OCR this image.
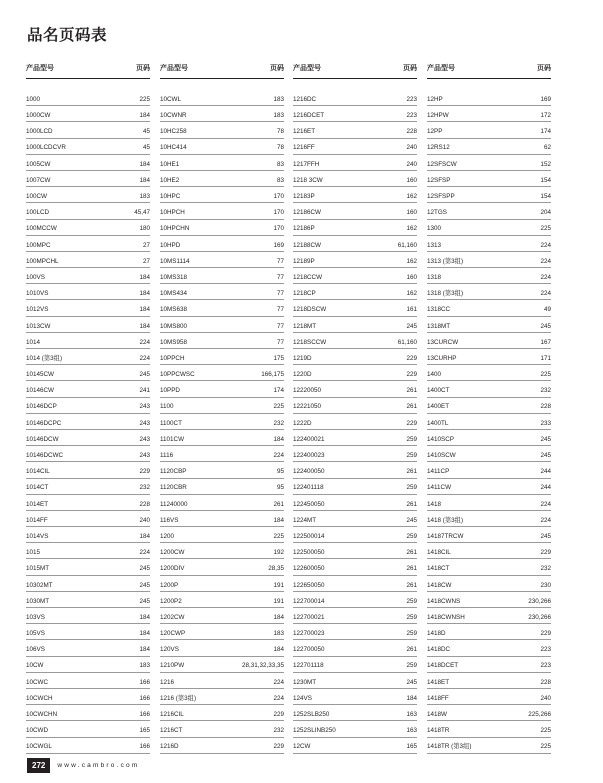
品名页码表
产品型号	页码
1000	225
1000CW	184
1000LCD	45
1000LCDCVR	45
1005CW	184
1007CW	184
100CW	183
100LCD	45,47
100MCCW	180
100MPC	27
100MPCHL	27
100VS	184
1010VS	184
1012VS	184
1013CW	184
1014	224
1014 (第3组)	224
10145CW	245
10146CW	241
10146DCP	243
10146DCPC	243
10146DCW	243
10146DCWC	243
1014CIL	229
1014CT	232
1014ET	228
1014FF	240
1014VS	184
1015	224
1015MT	245
10302MT	245
1030MT	245
103VS	184
105VS	184
106VS	184
10CW	183
10CWC	166
10CWCH	166
10CWCHN	166
10CWD	165
10CWGL	166
产品型号	页码
10CWL	183
10CWNR	183
10HC258	78
10HC414	78
10HE1	83
10HE2	83
10HPC	170
10HPCH	170
10HPCHN	170
10HPD	169
10MS1114	77
10MS318	77
10MS434	77
10MS638	77
10MS800	77
10MS958	77
10PPCH	175
10PPCWSC	166,175
10PPD	174
1100	225
1100CT	232
1101CW	184
1116	224
1120CBP	95
1120CBR	95
11240000	261
116VS	184
1200	225
1200CW	192
1200DIV	28,35
1200P	191
1200P2	191
1202CW	184
120CWP	183
120VS	184
1210PW	28,31,32,33,35
1216	224
1216 (第3组)	224
1216CIL	229
1216CT	232
1216D	229
产品型号	页码
1216DC	223
1216DCET	223
1216ET	228
1216FF	240
1217FFH	240
1218 3CW	160
12183P	162
12186CW	160
12186P	162
12188CW	61,160
12189P	162
1218CCW	160
1218CP	162
1218DSCW	161
1218MT	245
1218SCCW	61,160
1219D	229
1220D	229
12220050	261
12221050	261
1222D	229
122400021	259
122400023	259
122400050	261
122401118	259
122450050	261
1224MT	245
122500014	259
122500050	261
122600050	261
122650050	261
122700014	259
122700021	259
122700023	259
122700050	261
122701118	259
1230MT	245
124VS	184
1252SLB250	163
1252SLINB250	163
12CW	165
产品型号	页码
12HP	169
12HPW	172
12PP	174
12RS12	62
12SFSCW	152
12SFSP	154
12SFSPP	154
12TGS	204
1300	225
1313	224
1313 (第3组)	224
1318	224
1318 (第3组)	224
1318CC	49
1318MT	245
13CURCW	167
13CURHP	171
1400	225
1400CT	232
1400ET	228
1400TL	233
1410SCP	245
1410SCW	245
1411CP	244
1411CW	244
1418	224
1418 (第3组)	224
14187TRCW	245
1418CIL	229
1418CT	232
1418CW	230
1418CWNS	230,266
1418CWNSH	230,266
1418D	229
1418DC	223
1418DCET	223
1418ET	228
1418FF	240
1418W	225,266
1418TR	225
1418TR (第3组)	225
272	www.cambro.com
